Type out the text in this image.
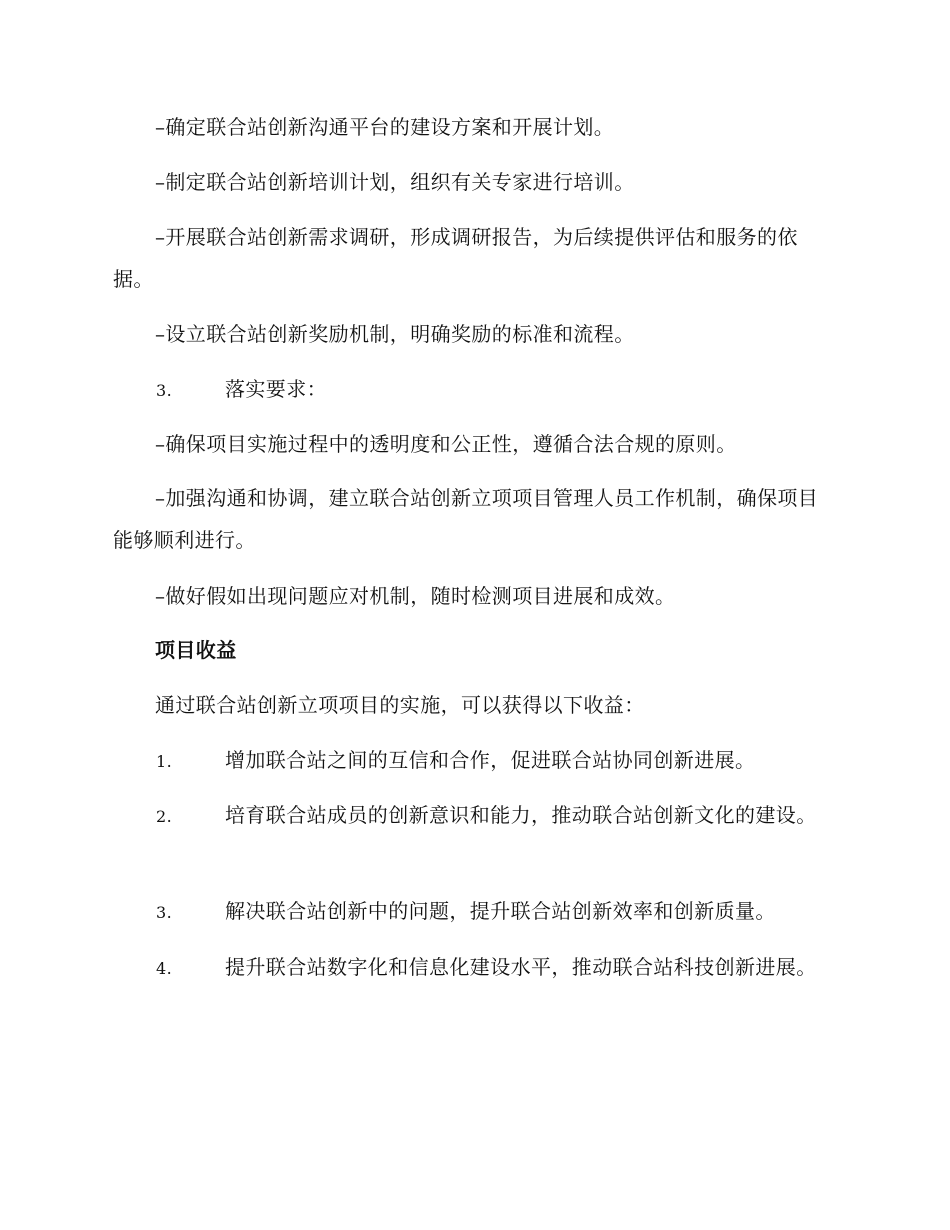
–确定联合站创新沟通平台的建设方案和开展计划。

–制定联合站创新培训计划，组织有关专家进行培训。

–开展联合站创新需求调研，形成调研报告，为后续提供评估和服务的依据。

–设立联合站创新奖励机制，明确奖励的标准和流程。

3.	落实要求：

–确保项目实施过程中的透明度和公正性，遵循合法合规的原则。

–加强沟通和协调，建立联合站创新立项项目管理人员工作机制，确保项目能够顺利进行。

–做好假如出现问题应对机制，随时检测项目进展和成效。

项目收益

通过联合站创新立项项目的实施，可以获得以下收益：

1.	增加联合站之间的互信和合作，促进联合站协同创新进展。

2.	培育联合站成员的创新意识和能力，推动联合站创新文化的建设。

3.	解决联合站创新中的问题，提升联合站创新效率和创新质量。

4.	提升联合站数字化和信息化建设水平，推动联合站科技创新进展。
